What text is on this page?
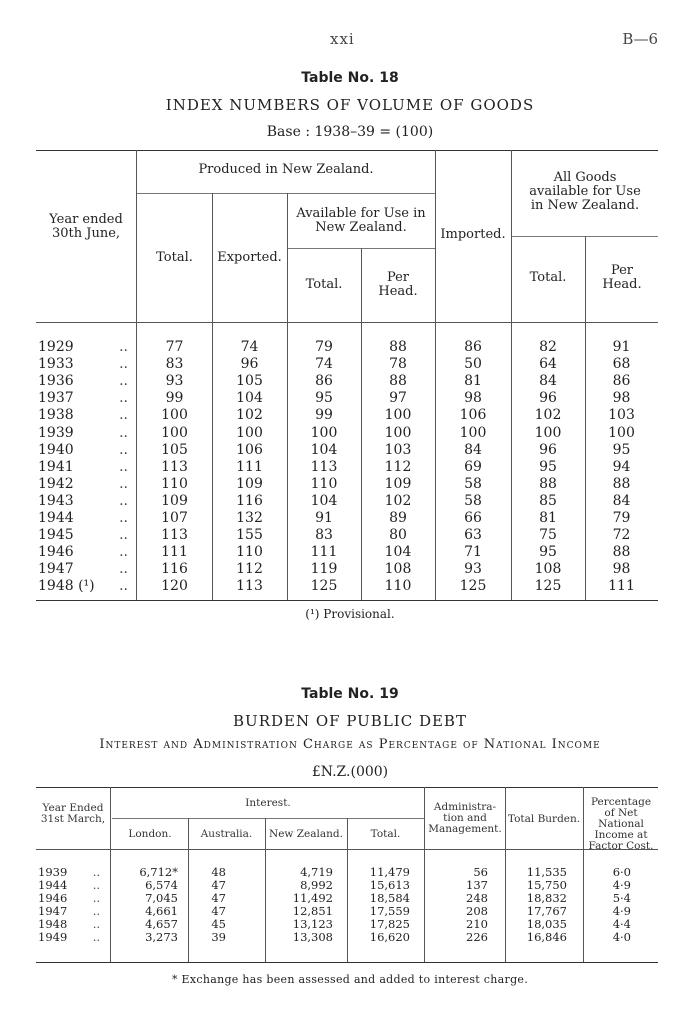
xxi	B—6
Table No. 18
INDEX NUMBERS OF VOLUME OF GOODS
Base : 1938–39 = (100)
Year ended 30th June,
Produced in New Zealand.
Total.	Exported.
Available for Use in New Zealand.
Total.	Per Head.
Imported.
All Goods available for Use in New Zealand.
Total.	Per Head.
1929	..	77	74	79	88	86	82	91
1933	..	83	96	74	78	50	64	68
1936	..	93	105	86	88	81	84	86
1937	..	99	104	95	97	98	96	98
1938	..	100	102	99	100	106	102	103
1939	..	100	100	100	100	100	100	100
1940	..	105	106	104	103	84	96	95
1941	..	113	111	113	112	69	95	94
1942	..	110	109	110	109	58	88	88
1943	..	109	116	104	102	58	85	84
1944	..	107	132	91	89	66	81	79
1945	..	113	155	83	80	63	75	72
1946	..	111	110	111	104	71	95	88
1947	..	116	112	119	108	93	108	98
1948 (¹) ..	120	113	125	110	125	125	111
(¹) Provisional.
Table No. 19
BURDEN OF PUBLIC DEBT
Interest and Administration Charge as Percentage of National Income
£N.Z.(000)
Year Ended 31st March,
Interest.
London.	Australia.	New Zealand.	Total.
Administra- tion and Management.
Total Burden.
Percentage of Net National Income at Factor Cost.
1939 ..	6,712*	48	4,719	11,479	56	11,535	6·0
1944 ..	6,574	47	8,992	15,613	137	15,750	4·9
1946 ..	7,045	47	11,492	18,584	248	18,832	5·4
1947 ..	4,661	47	12,851	17,559	208	17,767	4·9
1948 ..	4,657	45	13,123	17,825	210	18,035	4·4
1949 ..	3,273	39	13,308	16,620	226	16,846	4·0
* Exchange has been assessed and added to interest charge.
